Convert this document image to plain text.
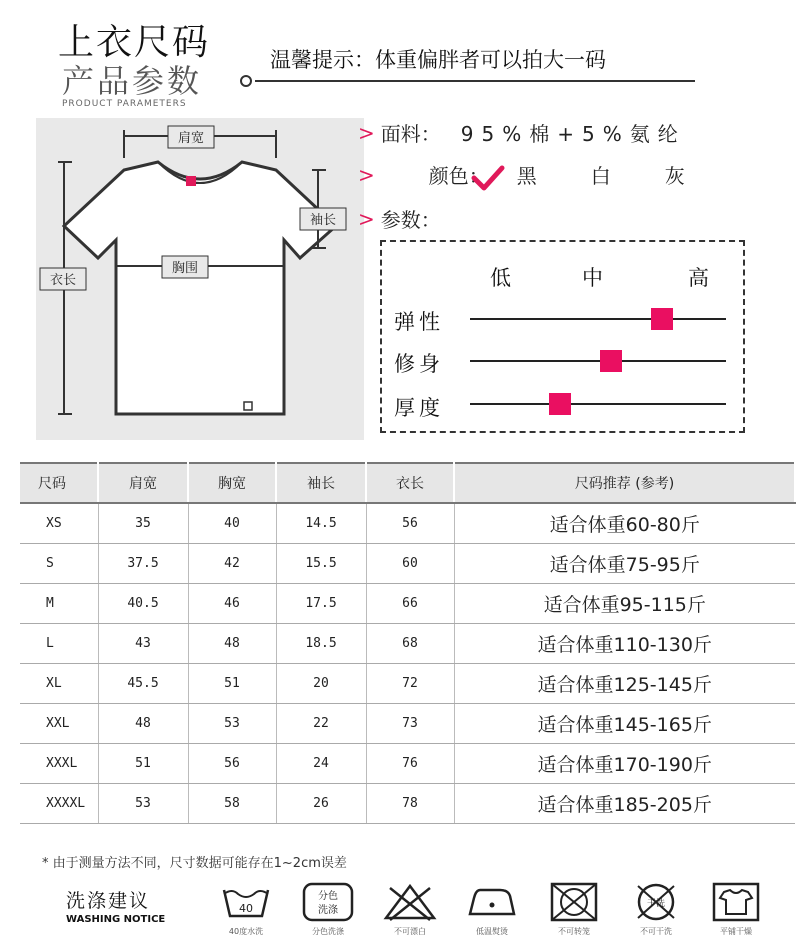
上衣尺码
产品参数
PRODUCT PARAMETERS
温馨提示：体重偏胖者可以拍大一码
肩宽
袖长
胸围
衣长
> 面料： 95%棉+5%氨纶
>	颜色： 黑	白	灰
> 参数：
低	中	高
弹性
修身
厚度
尺码	肩宽	胸宽	袖长	衣长	尺码推荐 (参考)
XS	35	40	14.5	56	适合体重60-80斤
S	37.5	42	15.5	60	适合体重75-95斤
M	40.5	46	17.5	66	适合体重95-115斤
L	43	48	18.5	68	适合体重110-130斤
XL	45.5	51	20	72	适合体重125-145斤
XXL	48	53	22	73	适合体重145-165斤
XXXL	51	56	24	76	适合体重170-190斤
XXXXL	53	58	26	78	适合体重185-205斤
* 由于测量方法不同，尺寸数据可能存在1~2cm误差
洗涤建议
WASHING NOTICE
40
40度水洗
分色
洗涤
分色洗涤	不可漂白	低温熨烫	不可转笼
干洗
不可干洗	平铺干燥
